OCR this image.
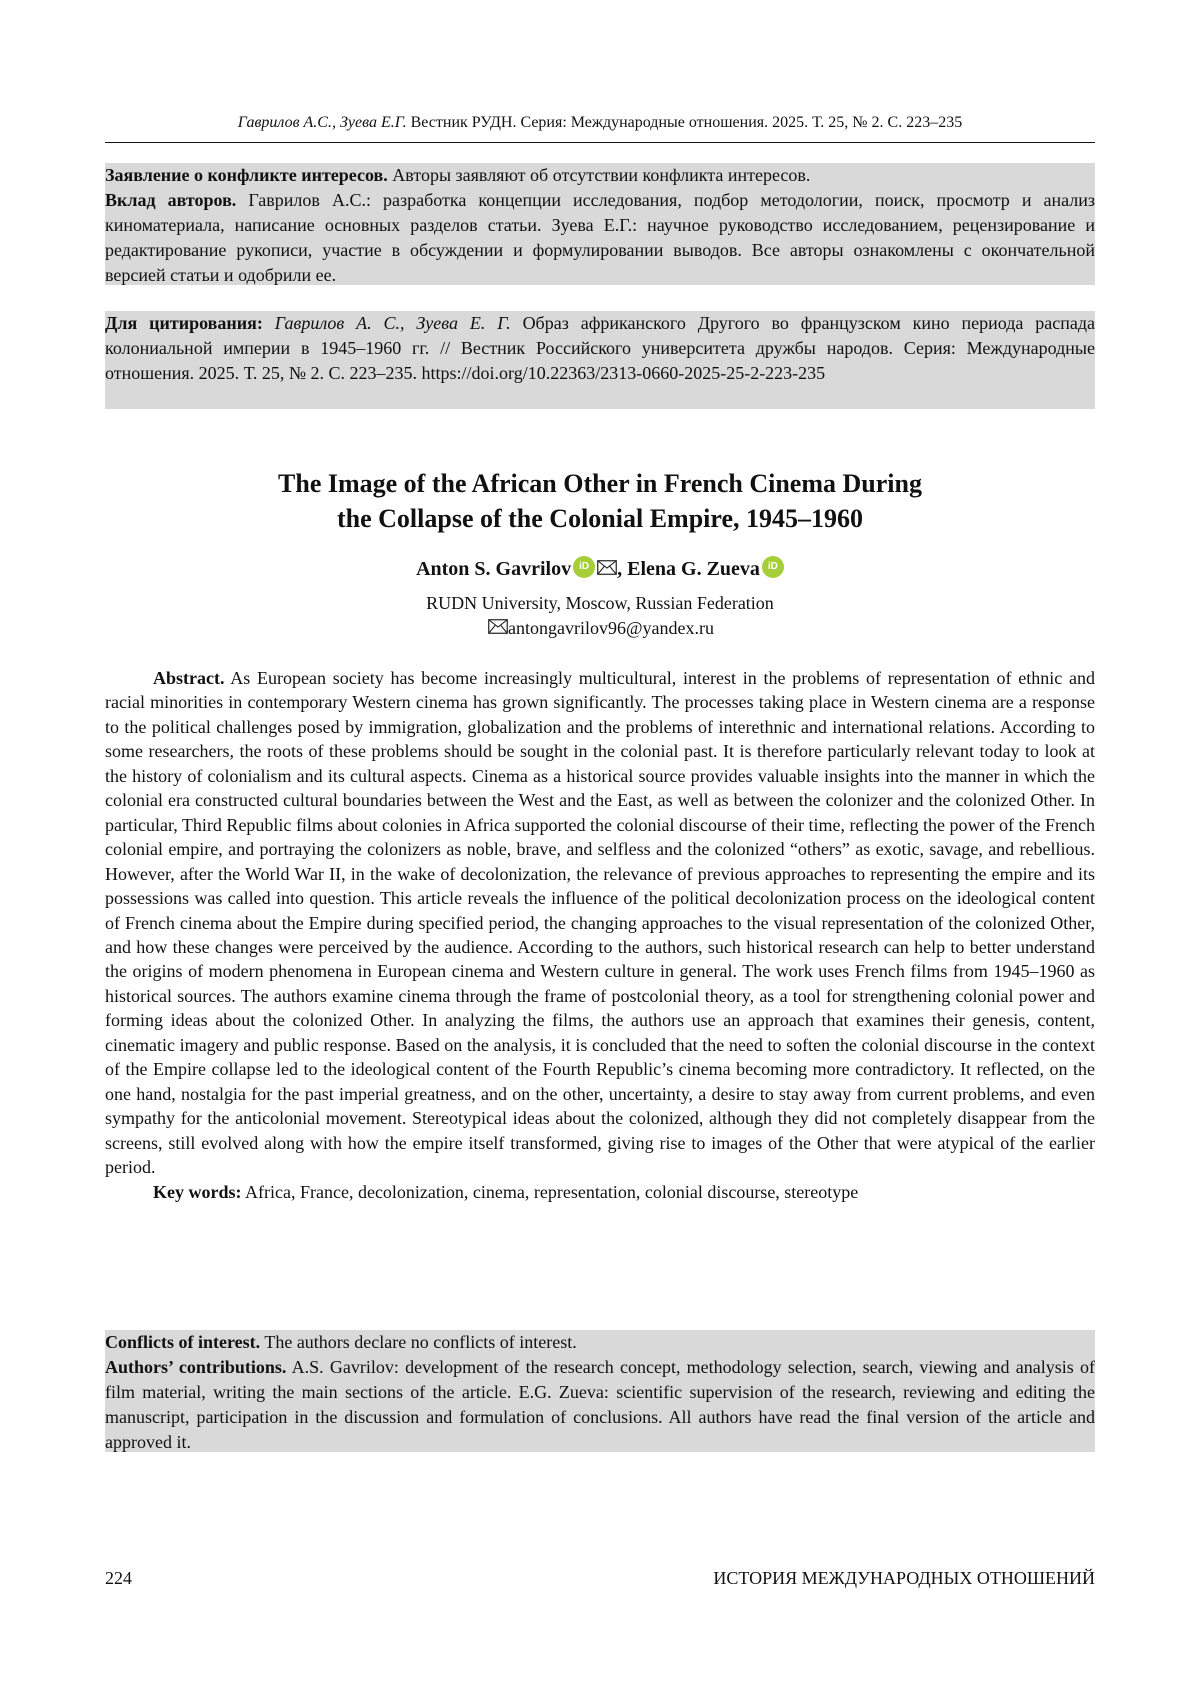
Гаврилов А.С., Зуева Е.Г. Вестник РУДН. Серия: Международные отношения. 2025. Т. 25, № 2. С. 223–235

Заявление о конфликте интересов. Авторы заявляют об отсутствии конфликта интересов.

Вклад авторов. Гаврилов А.С.: разработка концепции исследования, подбор методологии, поиск, просмотр и анализ киноматериала, написание основных разделов статьи. Зуева Е.Г.: научное руководство исследованием, рецензирование и редактирование рукописи, участие в обсуждении и формулировании выводов. Все авторы ознакомлены с окончательной версией статьи и одобрили ее.

Для цитирования: Гаврилов А. С., Зуева Е. Г. Образ африканского Другого во французском кино периода распада колониальной империи в 1945–1960 гг. // Вестник Российского университета дружбы народов. Серия: Международные отношения. 2025. Т. 25, № 2. С. 223–235. https://doi.org/10.22363/2313-0660-2025-25-2-223-235

The Image of the African Other in French Cinema During
the Collapse of the Colonial Empire, 1945–1960
Anton S. Gavrilov iD , Elena G. Zueva iD
RUDN University, Moscow, Russian Federation
antongavrilov96@yandex.ru

Abstract. As European society has become increasingly multicultural, interest in the problems of representation of ethnic and racial minorities in contemporary Western cinema has grown significantly. The processes taking place in Western cinema are a response to the political challenges posed by immigration, globalization and the problems of interethnic and international relations. According to some researchers, the roots of these problems should be sought in the colonial past. It is therefore particularly relevant today to look at the history of colonialism and its cultural aspects. Cinema as a historical source provides valuable insights into the manner in which the colonial era constructed cultural boundaries between the West and the East, as well as between the colonizer and the colonized Other. In particular, Third Republic films about colonies in Africa supported the colonial discourse of their time, reflecting the power of the French colonial empire, and portraying the colonizers as noble, brave, and selfless and the colonized “others” as exotic, savage, and rebellious. However, after the World War II, in the wake of decolonization, the relevance of previous approaches to representing the empire and its possessions was called into question. This article reveals the influence of the political decolonization process on the ideological content of French cinema about the Empire during specified period, the changing approaches to the visual representation of the colonized Other, and how these changes were perceived by the audience. According to the authors, such historical research can help to better understand the origins of modern phenomena in European cinema and Western culture in general. The work uses French films from 1945–1960 as historical sources. The authors examine cinema through the frame of postcolonial theory, as a tool for strengthening colonial power and forming ideas about the colonized Other. In analyzing the films, the authors use an approach that examines their genesis, content, cinematic imagery and public response. Based on the analysis, it is concluded that the need to soften the colonial discourse in the context of the Empire collapse led to the ideological content of the Fourth Republic’s cinema becoming more contradictory. It reflected, on the one hand, nostalgia for the past imperial greatness, and on the other, uncertainty, a desire to stay away from current problems, and even sympathy for the anticolonial movement. Stereotypical ideas about the colonized, although they did not completely disappear from the screens, still evolved along with how the empire itself transformed, giving rise to images of the Other that were atypical of the earlier period.

Key words: Africa, France, decolonization, cinema, representation, colonial discourse, stereotype

Conflicts of interest. The authors declare no conflicts of interest.

Authors’ contributions. A.S. Gavrilov: development of the research concept, methodology selection, search, viewing and analysis of film material, writing the main sections of the article. E.G. Zueva: scientific supervision of the research, reviewing and editing the manuscript, participation in the discussion and formulation of conclusions. All authors have read the final version of the article and approved it.

224	ИСТОРИЯ МЕЖДУНАРОДНЫХ ОТНОШЕНИЙ
